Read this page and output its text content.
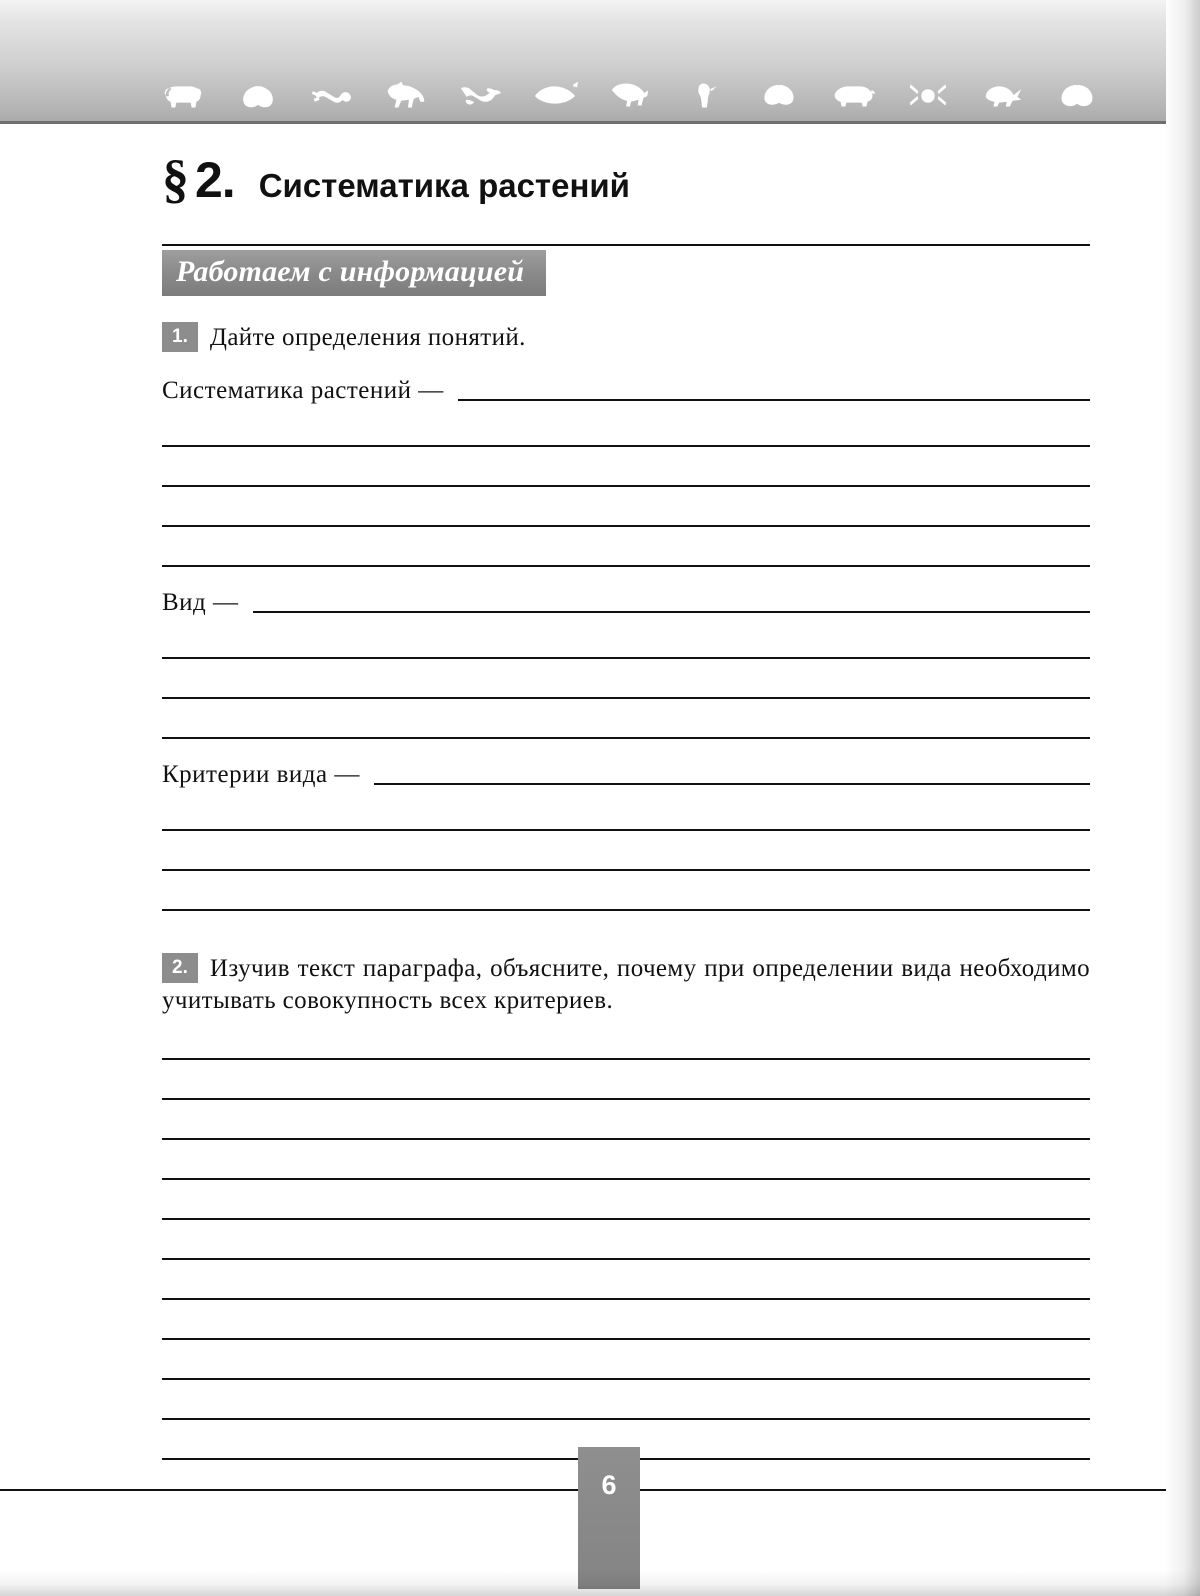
§ 2. Систематика растений
Работаем с информацией
1. Дайте определения понятий.
Систематика растений —
Вид —
Критерии вида —
2. Изучив текст параграфа, объясните, почему при определении вида необходимо учитывать совокупность всех критериев.
6
